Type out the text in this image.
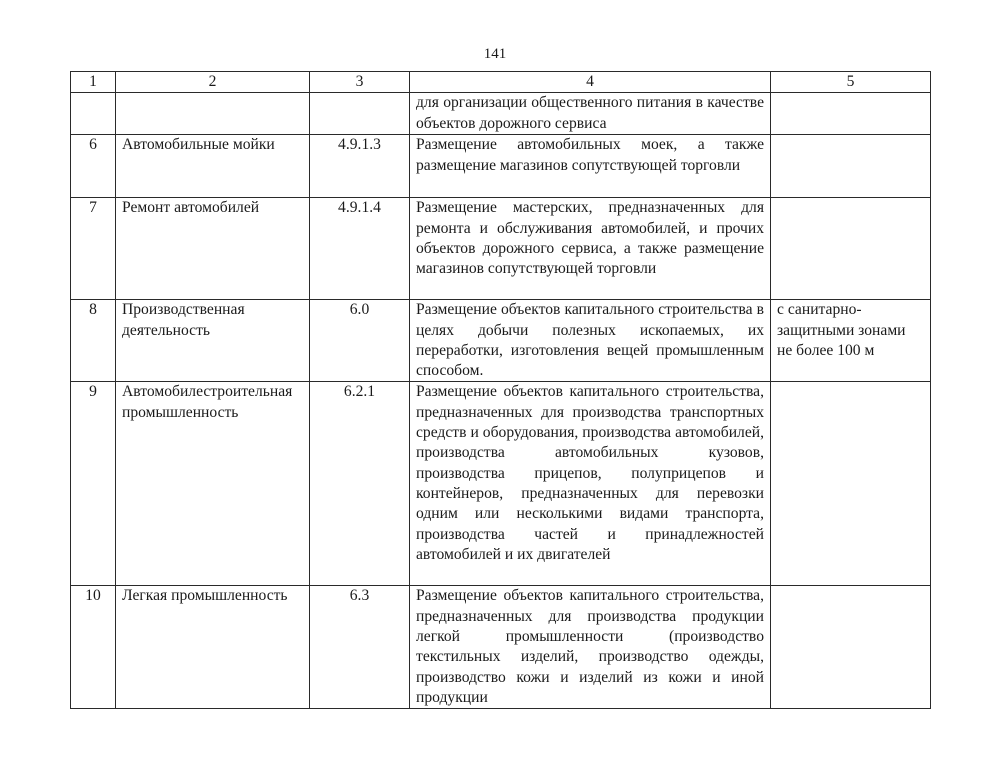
141
1	2	3	4	5
			для организации общественного питания в качестве объектов дорожного сервиса	
6	Автомобильные мойки	4.9.1.3	Размещение автомобильных моек, а также размещение магазинов сопутствующей торговли	
7	Ремонт автомобилей	4.9.1.4	Размещение мастерских, предназначенных для ремонта и обслуживания автомобилей, и прочих объектов дорожного сервиса, а также размещение магазинов сопутствующей торговли	
8	Производственная деятельность	6.0	Размещение объектов капитального строительства в целях добычи полезных ископаемых, их переработки, изготовления вещей промышленным способом.	с санитарно-защитными зонами не более 100 м
9	Автомобилестроительная промышленность	6.2.1	Размещение объектов капитального строительства, предназначенных для производства транспортных средств и оборудования, производства автомобилей, производства автомобильных кузовов, производства прицепов, полуприцепов и контейнеров, предназначенных для перевозки одним или несколькими видами транспорта, производства частей и принадлежностей автомобилей и их двигателей	
10	Легкая промышленность	6.3	Размещение объектов капитального строительства, предназначенных для производства продукции легкой промышленности (производство текстильных изделий, производство одежды, производство кожи и изделий из кожи и иной продукции	
